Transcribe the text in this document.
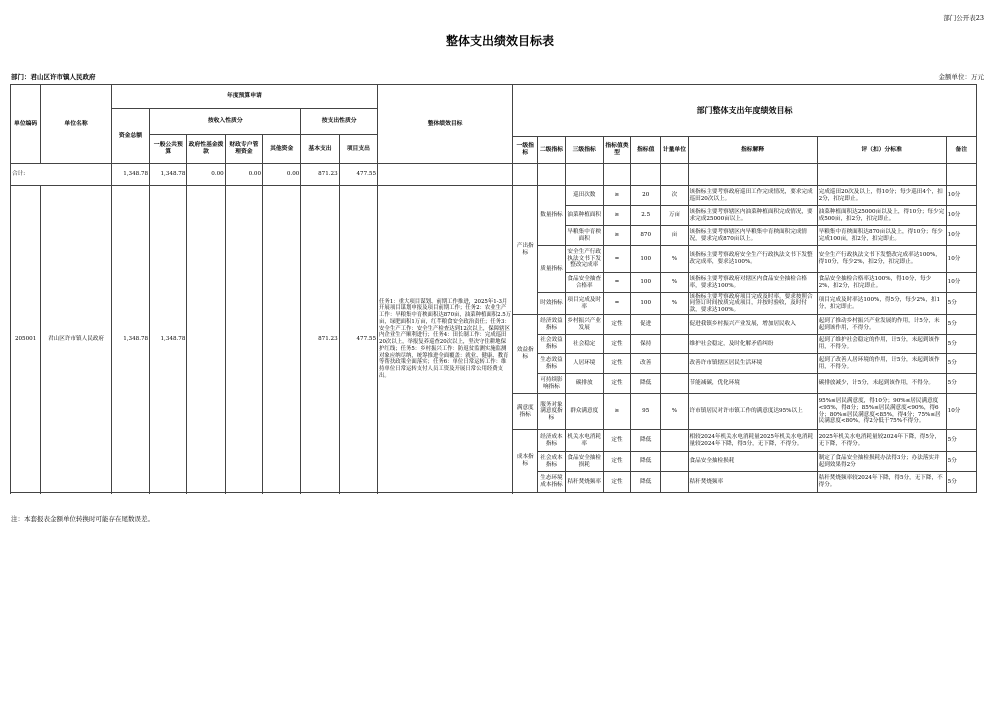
部门公开表23
整体支出绩效目标表
部门：君山区许市镇人民政府	金额单位：万元
单位编码	单位名称	年度预算申请							整体绩效目标	部门整体支出年度绩效目标								
		资金总额	按收入性质分				按支出性质分											
			一般公共预算	政府性基金拨款	财政专户管理资金	其他资金	基本支出	项目支出										
										一级指标	二级指标	三级指标	指标值类型	指标值	计量单位	指标解释	评（扣）分标准	备注
合计:		1,348.78	1,348.78	0.00	0.00	0.00	871.23	477.55										
205001	君山区许市镇人民政府	1,348.78	1,348.78				871.23	477.55	任务1：重大项目谋划、前期工作推进，2025年1-3月开展项目谋划申报及项目前期工作；任务2：农业生产工作：旱粮集中育秧面积达870亩，油菜种植面积2.5万亩，绿肥面积1万亩，红芊粮食安全政治责任；任务3：安全生产工作：安全生产检查达到12次以上，保障辖区内企业生产顺利进行；任务4：田长制工作：完成巡田20次以上，举报复养巡查20次以上，坚决守住耕地保护红线；任务5：乡村振兴工作：防返贫监测实施监测对象应纳尽纳，统筹推进全面覆盖：就业、健康、教育等帮扶政策全面落实；任务6：单位日常运转工作：维持单位日常运转支付人员工资及开展日常公用经费支出。	产出指标	数量指标	巡田次数	≥	20	次	该指标主要考察政府巡田工作完成情况，要求完成巡田20次以上。	完成巡田20次及以上，得10分；每少巡田4个，扣2分，扣完即止。	10分
												油菜种植面积	≥	2.5	万亩	该指标主要考察辖区内油菜种植面积完成情况，要求完成25000亩以上。	油菜种植面积达25000亩以及上，得10分；每少完成500亩，扣2分，扣完即止。	10分
												旱粮集中育秧面积	≥	870	亩	该指标主要考察辖区内旱粮集中育秧面积完成情况，要求完成870亩以上。	旱粮集中育秧面积达870亩以及上，得10分；每少完成100亩，扣2分，扣完即止。	10分
											质量指标	安全生产行政执法文书下发整改完成率	=	100	%	该指标主要考察政府安全生产行政执法文书下发整改完成率，要求达100%。	安全生产行政执法文书下发整改完成率达100%，得10分，每少2%，扣2分，扣完即止。	10分
												食品安全抽查合格率	=	100	%	该指标主要考察政府对辖区内食品安全抽检合格率，要求达100%。	食品安全抽检合格率达100%，得10分，每少2%，扣2分，扣完即止。	10分
											时效指标	项目完成及时率	=	100	%	该指标主要考察政府项目完成及时率。要求按照合同签订时间按质完成项目，并按时验收，及时付款，要求达100%。	项目完成及时率达100%，得5分，每少2%，扣1分，扣完即止。	5分
										效益指标	经济效益指标	乡村振兴产业发展	定性	促进		促进我镇乡村振兴产业发展，增加居民收入	起到了推动乡村振兴产业发展的作用，计5分，未起到该作用，不得分。	5分
											社会效益指标	社会稳定	定性	保持		维护社会稳定，及时化解矛盾纠纷	起到了维护社会稳定的作用，计5分，未起到该作用，不得分。	5分
											生态效益指标	人居环境	定性	改善		改善许市镇辖区居民生活环境	起到了改善人居环境的作用，计5分，未起到该作用，不得分。	5分
											可持续影响指标	碳排放	定性	降低		节能减碳，优化环境	碳排放减少，计5分，未起到该作用，不得分。	5分
										满意度指标	服务对象满意度指标	群众满意度	≥	95	%	许市镇居民对许市镇工作的满意度达95%以上	95%≤居民满意度，得10分；90%≤居民满意度<95%，得8分；85%≤居民满意度<90%，得6分；80%≤居民满意度<85%，得4分；75%≤居民满意度<80%，得2分低于75%不得分。	10分
										成本指标	经济成本指标	机关水电消耗率	定性	降低		相较2024年机关水电消耗量2025年机关水电消耗量较2024年下降，得5分，无下降，不得分。	2025年机关水电消耗量较2024年下降，得5分，无下降，不得分。	5分
											社会成本指标	食品安全抽检损耗	定性	降低		食品安全抽检损耗	制定了食品安全抽检损耗办法得3分；办法落实并起到效果得2分	5分
											生态环境成本指标	秸秆焚烧频率	定性	降低		秸秆焚烧频率	秸秆焚烧频率较2024年下降，得5分，无下降，不得分。	5分

注：本套报表金额单位转换时可能存在尾数误差。
